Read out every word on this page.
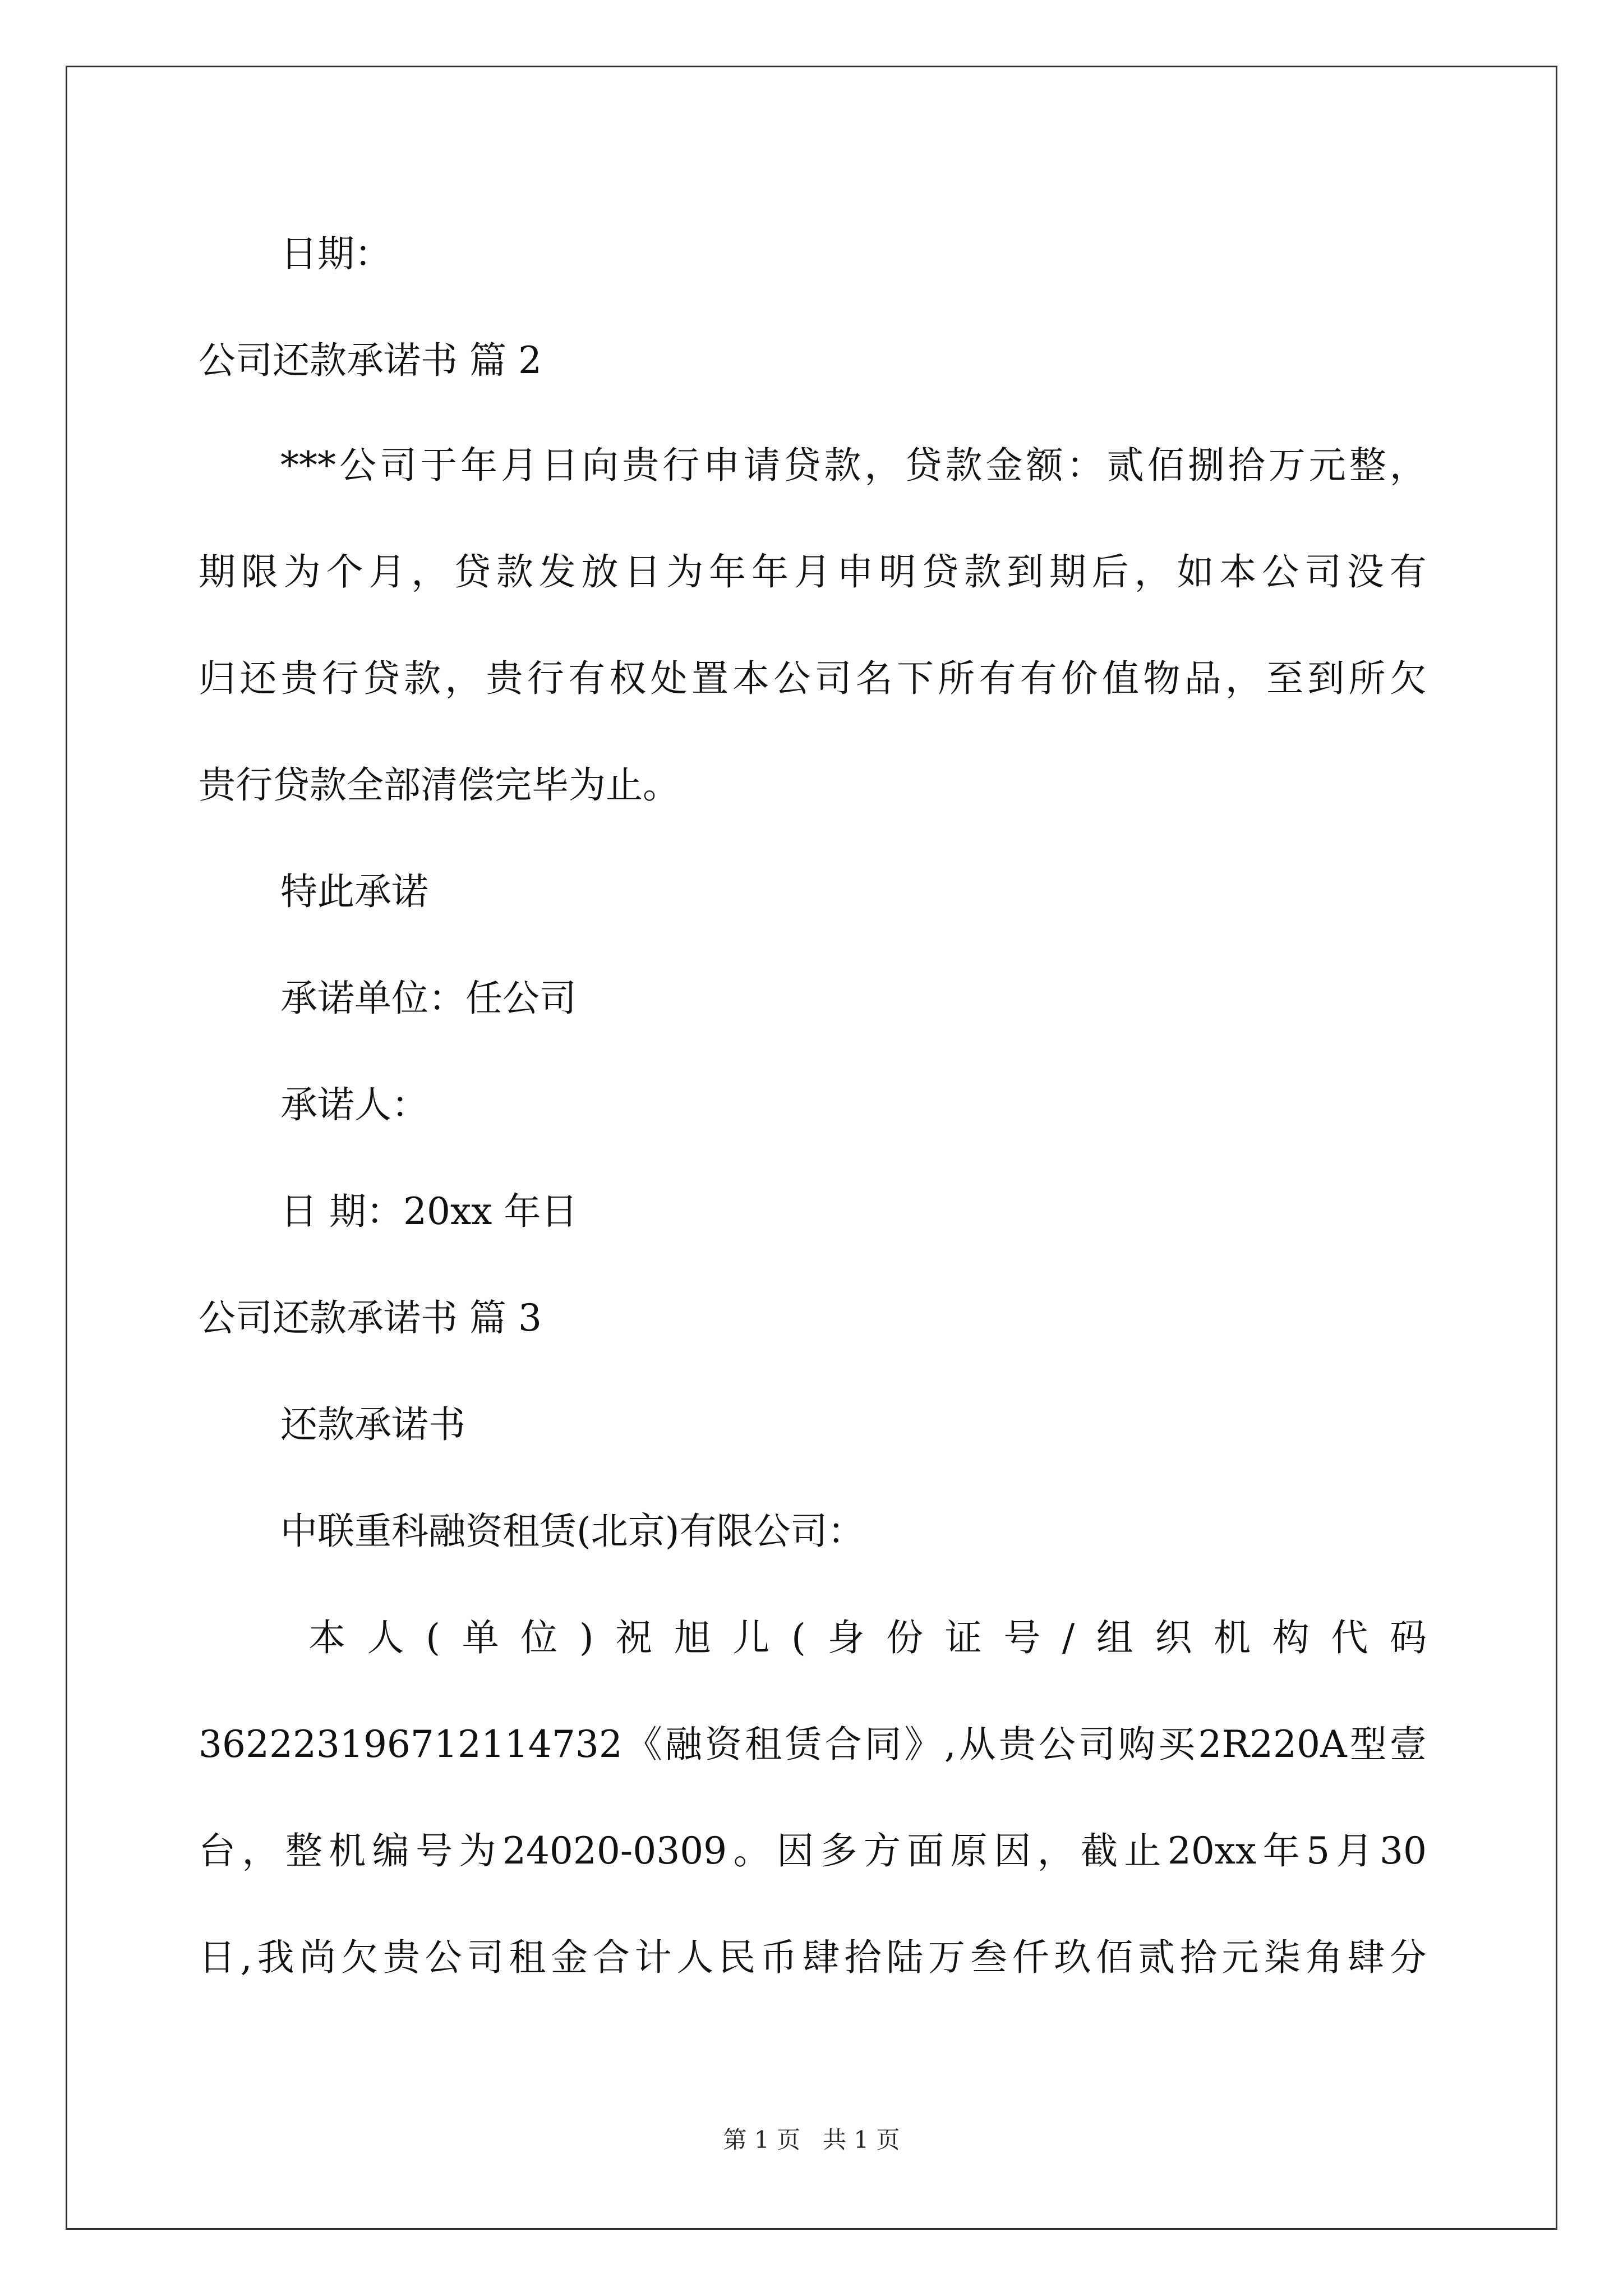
日期：
公司还款承诺书 篇 2
*** 公 司 于 年 月 日 向 贵 行 申 请 贷 款 ， 贷 款 金 额 ： 贰 佰 捌 拾 万 元 整 ，
期 限 为 个 月 ， 贷 款 发 放 日 为 年 年 月 申 明 贷 款 到 期 后 ， 如 本 公 司 没 有
归 还 贵 行 贷 款 ， 贵 行 有 权 处 置 本 公 司 名 下 所 有 有 价 值 物 品 ， 至 到 所 欠
贵行贷款全部清偿完毕为止。
特此承诺
承诺单位：任公司
承诺人：
日 期：20xx 年日
公司还款承诺书 篇 3
还款承诺书
中联重科融资租赁(北京)有限公司：
本 人 ( 单 位 ) 祝 旭 儿 ( 身 份 证 号 / 组 织 机 构 代 码
362223196712114732 《 融 资 租 赁 合 同 》 , 从 贵 公 司 购 买 2R220A 型 壹
台 ， 整 机 编 号 为 24020-0309 。 因 多 方 面 原 因 ， 截 止 20xx 年 5 月 30
日 , 我 尚 欠 贵 公 司 租 金 合 计 人 民 币 肆 拾 陆 万 叁 仟 玖 佰 贰 拾 元 柒 角 肆 分
第 1 页   共 1 页
